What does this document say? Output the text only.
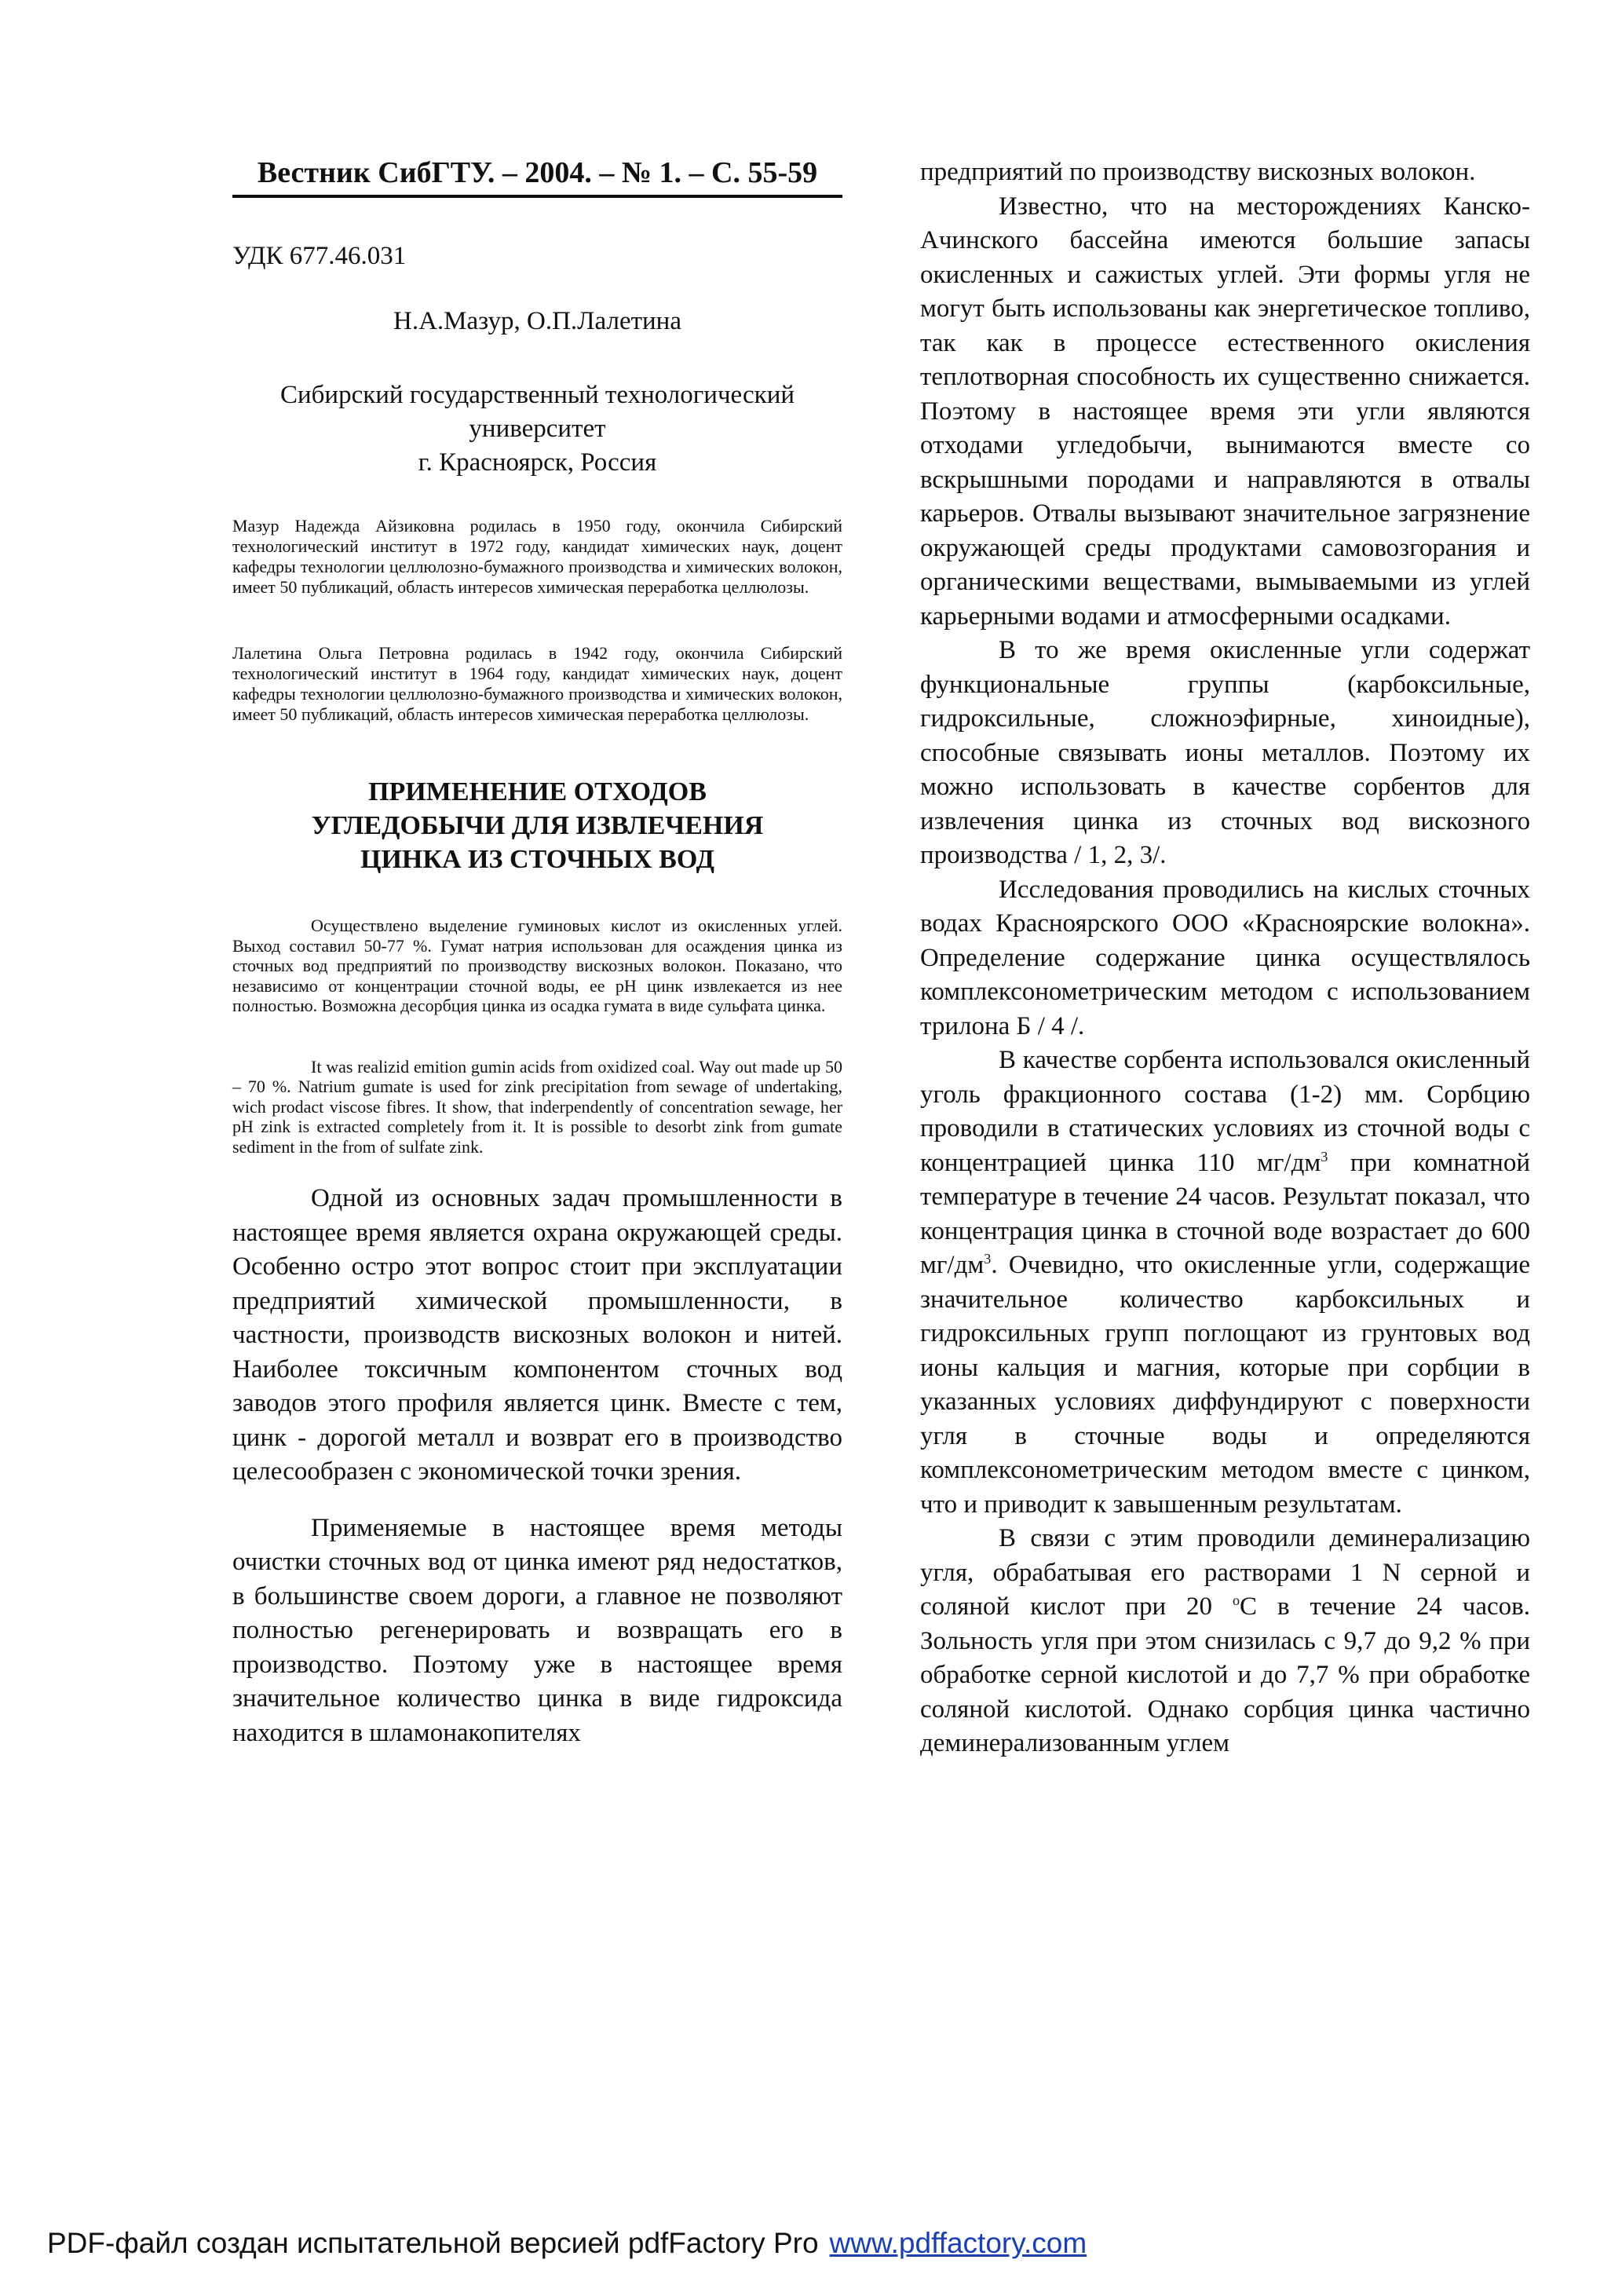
Вестник СибГТУ. – 2004. – № 1. – С. 55-59

УДК 677.46.031
Н.А.Мазур, О.П.Лалетина
Сибирский государственный технологический
университет
г. Красноярск, Россия
Мазур Надежда Айзиковна родилась в 1950 году, окончила Сибирский технологический институт в 1972 году, кандидат химических наук, доцент кафедры технологии целлюлозно-бумажного производства и химических волокон, имеет 50 публикаций, область интересов химическая переработка целлюлозы.
Лалетина Ольга Петровна родилась в 1942 году, окончила Сибирский технологический институт в 1964 году, кандидат химических наук, доцент кафедры технологии целлюлозно-бумажного производства и химических волокон, имеет 50 публикаций, область интересов химическая переработка целлюлозы.
ПРИМЕНЕНИЕ ОТХОДОВ
УГЛЕДОБЫЧИ ДЛЯ ИЗВЛЕЧЕНИЯ
ЦИНКА ИЗ СТОЧНЫХ ВОД
Осуществлено выделение гуминовых кислот из окисленных углей. Выход составил 50-77 %. Гумат натрия использован для осаждения цинка из сточных вод предприятий по производству вискозных волокон. Показано, что независимо от концентрации сточной воды, ее pH цинк извлекается из нее полностью. Возможна десорбция цинка из осадка гумата в виде сульфата цинка.
It was realizid emition gumin acids from oxidized coal. Way out made up 50 – 70 %. Natrium gumate is used for zink precipitation from sewage of undertaking, wich prodact viscose fibres. It show, that inderpendently of concentration sewage, her pH zink is extracted completely from it. It is possible to desorbt zink from gumate sediment in the from of sulfate zink.

Одной из основных задач промышленности в настоящее время является охрана окружающей среды. Особенно остро этот вопрос стоит при эксплуатации предприятий химической промышленности, в частности, производств вискозных волокон и нитей. Наиболее токсичным компонентом сточных вод заводов этого профиля является цинк. Вместе с тем, цинк - дорогой металл и возврат его в производство целесообразен с экономической точки зрения.

Применяемые в настоящее время методы очистки сточных вод от цинка имеют ряд недостатков, в большинстве своем дороги, а главное не позволяют полностью регенерировать и возвращать его в производство. Поэтому уже в настоящее время значительное количество цинка в виде гидроксида находится в шламонакопителях

предприятий по производству вискозных волокон.

Известно, что на месторождениях Канско-Ачинского бассейна имеются большие запасы окисленных и сажистых углей. Эти формы угля не могут быть использованы как энергетическое топливо, так как в процессе естественного окисления теплотворная способность их существенно снижается. Поэтому в настоящее время эти угли являются отходами угледобычи, вынимаются вместе со вскрышными породами и направляются в отвалы карьеров. Отвалы вызывают значительное загрязнение окружающей среды продуктами самовозгорания и органическими веществами, вымываемыми из углей карьерными водами и атмосферными осадками.

В то же время окисленные угли содержат функциональные группы (карбоксильные, гидроксильные, сложноэфирные, хиноидные), способные связывать ионы металлов. Поэтому их можно использовать в качестве сорбентов для извлечения цинка из сточных вод вискозного производства / 1, 2, 3/.

Исследования проводились на кислых сточных водах Красноярского ООО «Красноярские волокна». Определение содержание цинка осуществлялось комплексонометрическим методом с использованием трилона Б / 4 /.

В качестве сорбента использовался окисленный уголь фракционного состава (1-2) мм. Сорбцию проводили в статических условиях из сточной воды с концентрацией цинка 110 $мг/дм^3$ при комнатной температуре в течение 24 часов. Результат показал, что концентрация цинка в сточной воде возрастает до 600 $мг/дм^3$. Очевидно, что окисленные угли, содержащие значительное количество карбоксильных и гидроксильных групп поглощают из грунтовых вод ионы кальция и магния, которые при сорбции в указанных условиях диффундируют с поверхности угля в сточные воды и определяются комплексонометрическим методом вместе с цинком, что и приводит к завышенным результатам.

В связи с этим проводили деминерализацию угля, обрабатывая его растворами 1 N серной и соляной кислот при 20 $^o$С в течение 24 часов. Зольность угля при этом снизилась с 9,7 до 9,2 % при обработке серной кислотой и до 7,7 % при обработке соляной кислотой. Однако сорбция цинка частично деминерализованным углем

PDF-файл создан испытательной версией pdfFactory Pro www.pdffactory.com
